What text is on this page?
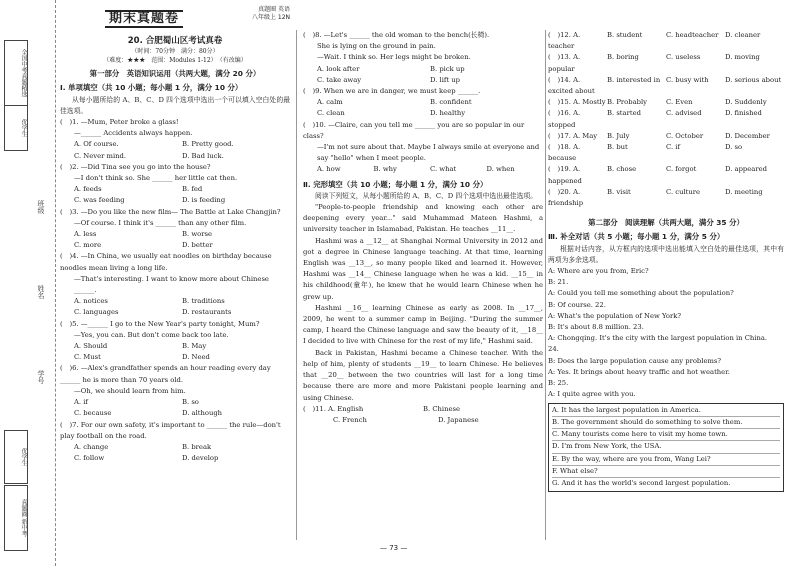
全国中考真题精选
优学生
班级
姓名
学号
优学生
真题圈 新中考
期末真题卷
真题圈 英语
八年级上 12N
20. 合肥蜀山区考试真卷
（时间：70分钟　满分：80分）
（难度：★★★　范围：Modules 1-12）　 （有改编）
第一部分　英语知识运用（共两大题，满分 20 分）
Ⅰ. 单项填空（共 10 小题；每小题 1 分，满分 10 分）
从每小题所给的 A、B、C、D 四个选项中选出一个可以填入空白处的最佳选项。
(　)1. —Mum, Peter broke a glass!
—______ Accidents always happen.
A. Of course.	B. Pretty good.
C. Never mind.	D. Bad luck.
(　)2. —Did Tina see you go into the house?
—I don't think so. She ______ her little cat then.
A. feeds	B. fed
C. was feeding	D. is feeding
(　)3. —Do you like the new film— The Battle at Lake Changjin?
—Of course. I think it's ______ than any other film.
A. less	B. worse
C. more	D. better
(　)4. —In China, we usually eat noodles on birthday because noodles mean living a long life.
—That's interesting. I want to know more about Chinese ______.
A. notices	B. traditions
C. languages	D. restaurants
(　)5. —______ I go to the New Year's party tonight, Mum?
—Yes, you can. But don't come back too late.
A. Should	B. May
C. Must	D. Need
(　)6. —Alex's grandfather spends an hour reading every day ______ he is more than 70 years old.
—Oh, we should learn from him.
A. if	B. so
C. because	D. although
(　)7. For our own safety, it's important to ______ the rule—don't play football on the road.
A. change	B. break
C. follow	D. develop
(　)8. —Let's ______ the old woman to the bench(长椅).
She is lying on the ground in pain.
—Wait. I think so. Her legs might be broken.
A. look after	B. pick up
C. take away	D. lift up
(　)9. When we are in danger, we must keep ______.
A. calm	B. confident
C. clean	D. healthy
(　)10. —Claire, can you tell me ______ you are so popular in our class?
—I'm not sure about that. Maybe I always smile at everyone and say "hello" when I meet people.
A. how	B. why	C. what	D. when
Ⅱ. 完形填空（共 10 小题；每小题 1 分，满分 10 分）
阅读下列短文，从每小题所给的 A、B、C、D 四个选项中选出最佳选项。
"People-to-people friendship and knowing each other are deepening every year..." said Muhammad Mateen Hashmi, a university teacher in Islamabad, Pakistan. He teaches __11__.
Hashmi was a __12__ at Shanghai Normal University in 2012 and got a degree in Chinese language teaching. At that time, learning English was __13__, so many people liked and learned it. However, Hashmi was __14__ Chinese language when he was a kid. __15__ in his childhood(童年), he knew that he would learn Chinese when he grew up.
Hashmi __16__ learning Chinese as early as 2008. In __17__, 2009, he went to a summer camp in Beijing. "During the summer camp, I heard the Chinese language and saw the beauty of it, __18__ I decided to live with Chinese for the rest of my life," Hashmi said.
Back in Pakistan, Hashmi became a Chinese teacher. With the help of him, plenty of students __19__ to learn Chinese. He believes that __20__ between the two countries will last for a long time because there are more and more Pakistani people learning and using Chinese.
(　)11. A. English	B. Chinese
C. French	D. Japanese
(　)12. A. teacher
B. student	C. headteacher D. cleaner
(　)13. A. popular
B. boring	C. useless	D. moving
(　)14. A. excited about
B. interested in C. busy with	D. serious about
(　)15. A. Mostly B. Probably	C. Even	D. Suddenly
(　)16. A. stopped
B. started	C. advised	D. finished
(　)17. A. May	B. July	C. October	D. December
(　)18. A. because
B. but	C. if	D. so
(　)19. A. happened
B. chose	C. forgot	D. appeared
(　)20. A. friendship
B. visit	C. culture	D. meeting
第二部分　阅读理解（共两大题，满分 35 分）
Ⅲ. 补全对话（共 5 小题；每小题 1 分，满分 5 分）
根据对话内容，从方框内的选项中选出能填入空白处的最佳选项，其中有两项为多余选项。
A: Where are you from, Eric?
B: 21.
A: Could you tell me something about the population?
B: Of course. 22.
A: What's the population of New York?
B: It's about 8.8 million. 23.
A: Chongqing. It's the city with the largest population in China.
24.
B: Does the large population cause any problems?
A: Yes. It brings about heavy traffic and hot weather.
B: 25.
A: I quite agree with you.
A. It has the largest population in America.
B. The government should do something to solve them.
C. Many tourists come here to visit my home town.
D. I'm from New York, the USA.
E. By the way, where are you from, Wang Lei?
F. What else?
G. And it has the world's second largest population.
— 73 —
